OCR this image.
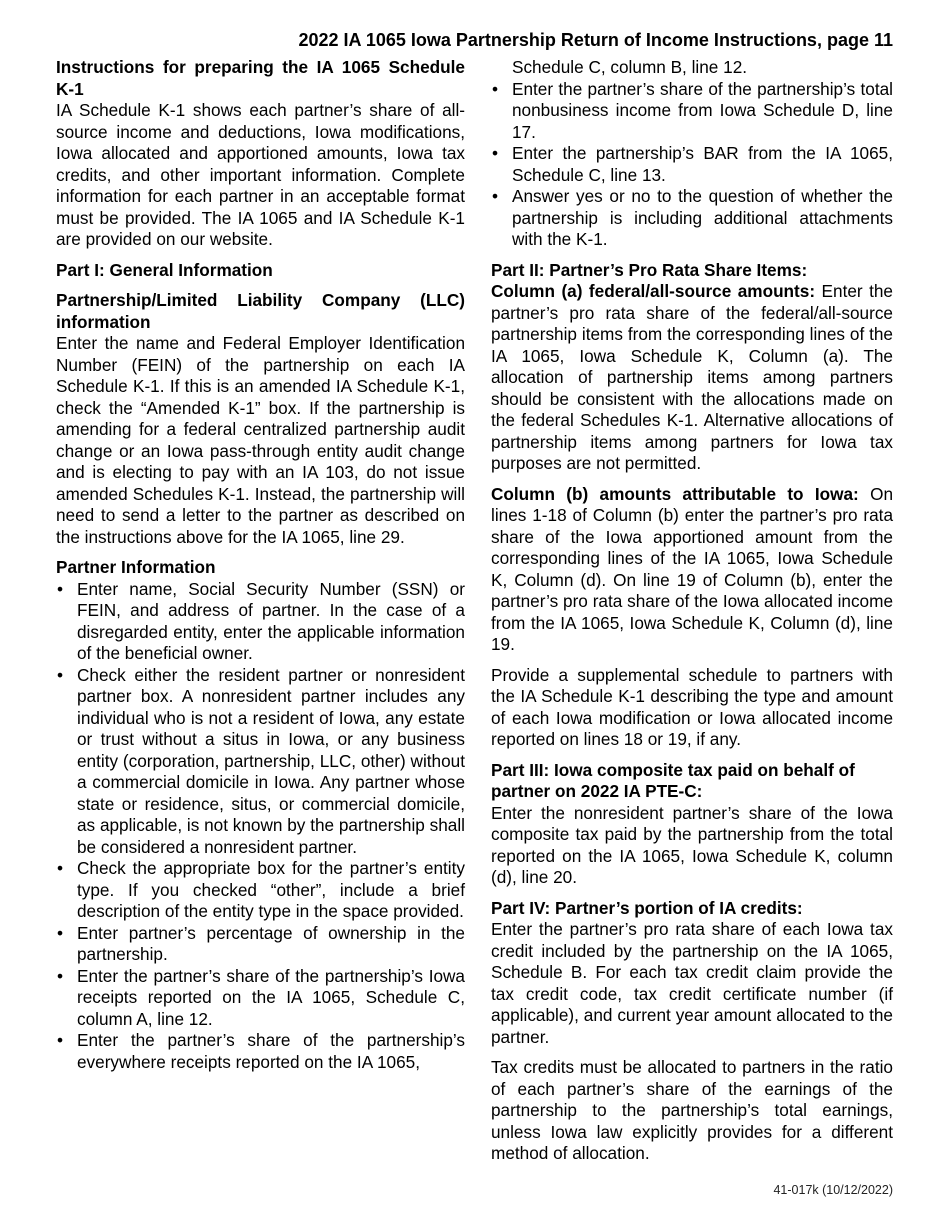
2022 IA 1065 Iowa Partnership Return of Income Instructions, page 11

Instructions for preparing the IA 1065 Schedule K-1

IA Schedule K-1 shows each partner’s share of all-source income and deductions, Iowa modifications, Iowa allocated and apportioned amounts, Iowa tax credits, and other important information. Complete information for each partner in an acceptable format must be provided. The IA 1065 and IA Schedule K-1 are provided on our website.

Part I: General Information

Partnership/Limited Liability Company (LLC) information

Enter the name and Federal Employer Identification Number (FEIN) of the partnership on each IA Schedule K-1. If this is an amended IA Schedule K-1, check the “Amended K-1” box. If the partnership is amending for a federal centralized partnership audit change or an Iowa pass-through entity audit change and is electing to pay with an IA 103, do not issue amended Schedules K-1. Instead, the partnership will need to send a letter to the partner as described on the instructions above for the IA 1065, line 29.

Partner Information

• Enter name, Social Security Number (SSN) or FEIN, and address of partner. In the case of a disregarded entity, enter the applicable information of the beneficial owner.
• Check either the resident partner or nonresident partner box. A nonresident partner includes any individual who is not a resident of Iowa, any estate or trust without a situs in Iowa, or any business entity (corporation, partnership, LLC, other) without a commercial domicile in Iowa. Any partner whose state or residence, situs, or commercial domicile, as applicable, is not known by the partnership shall be considered a nonresident partner.
• Check the appropriate box for the partner’s entity type. If you checked “other”, include a brief description of the entity type in the space provided.
• Enter partner’s percentage of ownership in the partnership.
• Enter the partner’s share of the partnership’s Iowa receipts reported on the IA 1065, Schedule C, column A, line 12.
• Enter the partner’s share of the partnership’s everywhere receipts reported on the IA 1065,

Schedule C, column B, line 12.

• Enter the partner’s share of the partnership’s total nonbusiness income from Iowa Schedule D, line 17.
• Enter the partnership’s BAR from the IA 1065, Schedule C, line 13.
• Answer yes or no to the question of whether the partnership is including additional attachments with the K-1.

Part II: Partner’s Pro Rata Share Items:

Column (a) federal/all-source amounts: Enter the partner’s pro rata share of the federal/all-source partnership items from the corresponding lines of the IA 1065, Iowa Schedule K, Column (a). The allocation of partnership items among partners should be consistent with the allocations made on the federal Schedules K-1. Alternative allocations of partnership items among partners for Iowa tax purposes are not permitted.

Column (b) amounts attributable to Iowa: On lines 1-18 of Column (b) enter the partner’s pro rata share of the Iowa apportioned amount from the corresponding lines of the IA 1065, Iowa Schedule K, Column (d). On line 19 of Column (b), enter the partner’s pro rata share of the Iowa allocated income from the IA 1065, Iowa Schedule K, Column (d), line 19.

Provide a supplemental schedule to partners with the IA Schedule K-1 describing the type and amount of each Iowa modification or Iowa allocated income reported on lines 18 or 19, if any.

Part III: Iowa composite tax paid on behalf of partner on 2022 IA PTE-C:

Enter the nonresident partner’s share of the Iowa composite tax paid by the partnership from the total reported on the IA 1065, Iowa Schedule K, column (d), line 20.

Part IV: Partner’s portion of IA credits:

Enter the partner’s pro rata share of each Iowa tax credit included by the partnership on the IA 1065, Schedule B. For each tax credit claim provide the tax credit code, tax credit certificate number (if applicable), and current year amount allocated to the partner.

Tax credits must be allocated to partners in the ratio of each partner’s share of the earnings of the partnership to the partnership’s total earnings, unless Iowa law explicitly provides for a different method of allocation.

41-017k (10/12/2022)
